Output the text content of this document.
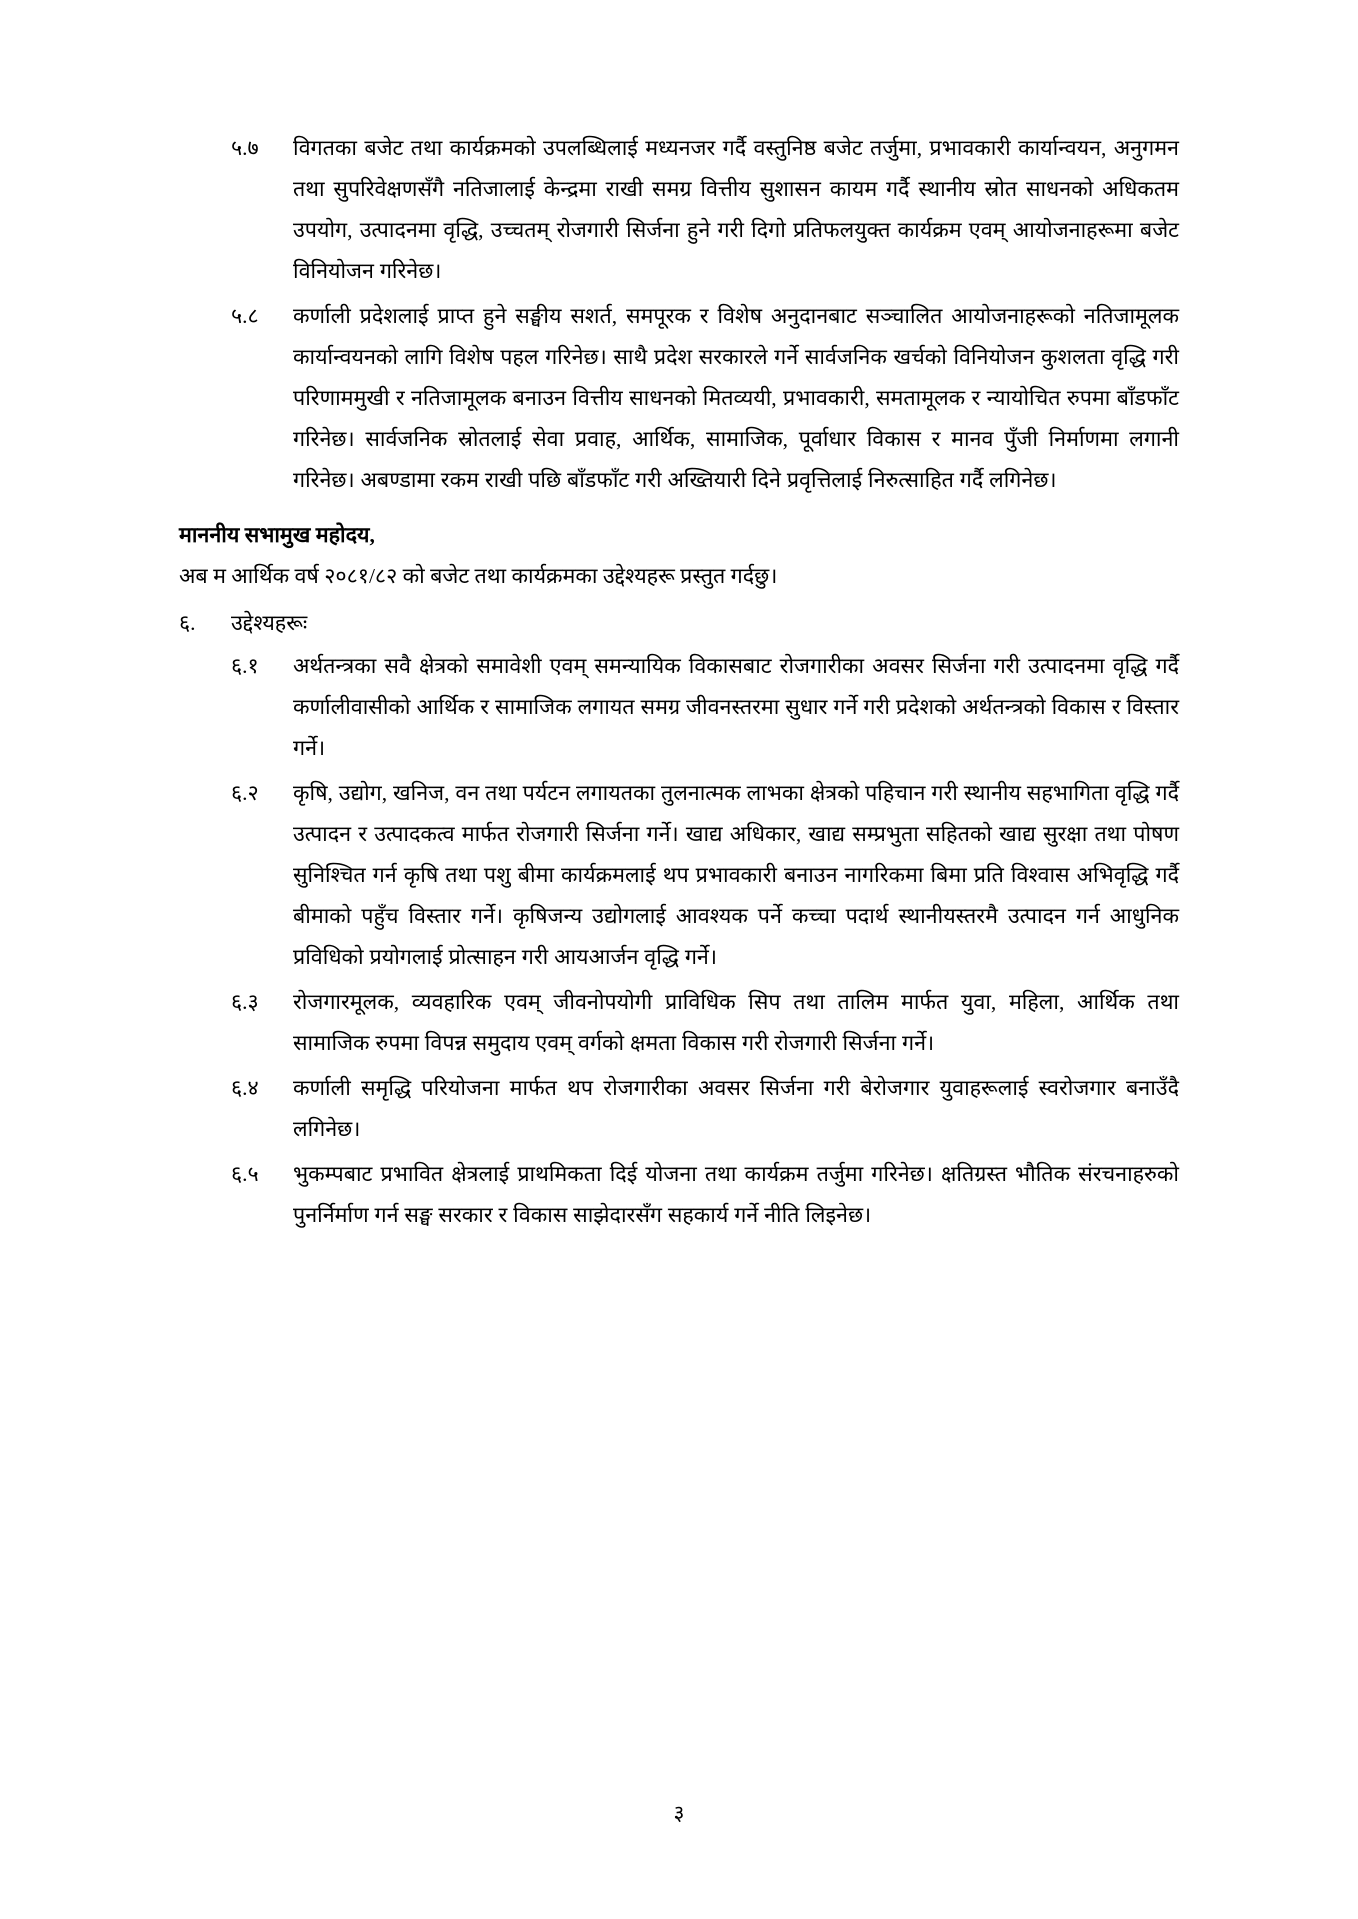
५.७	विगतका बजेट तथा कार्यक्रमको उपलब्धिलाई मध्यनजर गर्दै वस्तुनिष्ठ बजेट तर्जुमा, प्रभावकारी कार्यान्वयन, अनुगमन तथा सुपरिवेक्षणसँगै नतिजालाई केन्द्रमा राखी समग्र वित्तीय सुशासन कायम गर्दै स्थानीय स्रोत साधनको अधिकतम उपयोग, उत्पादनमा वृद्धि, उच्चतम् रोजगारी सिर्जना हुने गरी दिगो प्रतिफलयुक्त कार्यक्रम एवम् आयोजनाहरूमा बजेट विनियोजन गरिनेछ।
५.८	कर्णाली प्रदेशलाई प्राप्त हुने सङ्घीय सशर्त, समपूरक र विशेष अनुदानबाट सञ्चालित आयोजनाहरूको नतिजामूलक कार्यान्वयनको लागि विशेष पहल गरिनेछ। साथै प्रदेश सरकारले गर्ने सार्वजनिक खर्चको विनियोजन कुशलता वृद्धि गरी परिणाममुखी र नतिजामूलक बनाउन वित्तीय साधनको मितव्ययी, प्रभावकारी, समतामूलक र न्यायोचित रुपमा बाँडफाँट गरिनेछ। सार्वजनिक स्रोतलाई सेवा प्रवाह, आर्थिक, सामाजिक, पूर्वाधार विकास र मानव पुँजी निर्माणमा लगानी गरिनेछ। अबण्डामा रकम राखी पछि बाँडफाँट गरी अख्तियारी दिने प्रवृत्तिलाई निरुत्साहित गर्दै लगिनेछ।
माननीय सभामुख महोदय,
अब म आर्थिक वर्ष २०८१/८२ को बजेट तथा कार्यक्रमका उद्देश्यहरू प्रस्तुत गर्दछु।
६.	उद्देश्यहरूः
६.१	अर्थतन्त्रका सवै क्षेत्रको समावेशी एवम् समन्यायिक विकासबाट रोजगारीका अवसर सिर्जना गरी उत्पादनमा वृद्धि गर्दै कर्णालीवासीको आर्थिक र सामाजिक लगायत समग्र जीवनस्तरमा सुधार गर्ने गरी प्रदेशको अर्थतन्त्रको विकास र विस्तार गर्ने।
६.२	कृषि, उद्योग, खनिज, वन तथा पर्यटन लगायतका तुलनात्मक लाभका क्षेत्रको पहिचान गरी स्थानीय सहभागिता वृद्धि गर्दै उत्पादन र उत्पादकत्व मार्फत रोजगारी सिर्जना गर्ने। खाद्य अधिकार, खाद्य सम्प्रभुता सहितको खाद्य सुरक्षा तथा पोषण सुनिश्चित गर्न कृषि तथा पशु बीमा कार्यक्रमलाई थप प्रभावकारी बनाउन नागरिकमा बिमा प्रति विश्वास अभिवृद्धि गर्दै बीमाको पहुँच विस्तार गर्ने। कृषिजन्य उद्योगलाई आवश्यक पर्ने कच्चा पदार्थ स्थानीयस्तरमै उत्पादन गर्न आधुनिक प्रविधिको प्रयोगलाई प्रोत्साहन गरी आयआर्जन वृद्धि गर्ने।
६.३	रोजगारमूलक, व्यवहारिक एवम् जीवनोपयोगी प्राविधिक सिप तथा तालिम मार्फत युवा, महिला, आर्थिक तथा सामाजिक रुपमा विपन्न समुदाय एवम् वर्गको क्षमता विकास गरी रोजगारी सिर्जना गर्ने।
६.४	कर्णाली समृद्धि परियोजना मार्फत थप रोजगारीका अवसर सिर्जना गरी बेरोजगार युवाहरूलाई स्वरोजगार बनाउँदै लगिनेछ।
६.५	भुकम्पबाट प्रभावित क्षेत्रलाई प्राथमिकता दिई योजना तथा कार्यक्रम तर्जुमा गरिनेछ। क्षतिग्रस्त भौतिक संरचनाहरुको पुनर्निर्माण गर्न सङ्घ सरकार र विकास साझेदारसँग सहकार्य गर्ने नीति लिइनेछ।
३
